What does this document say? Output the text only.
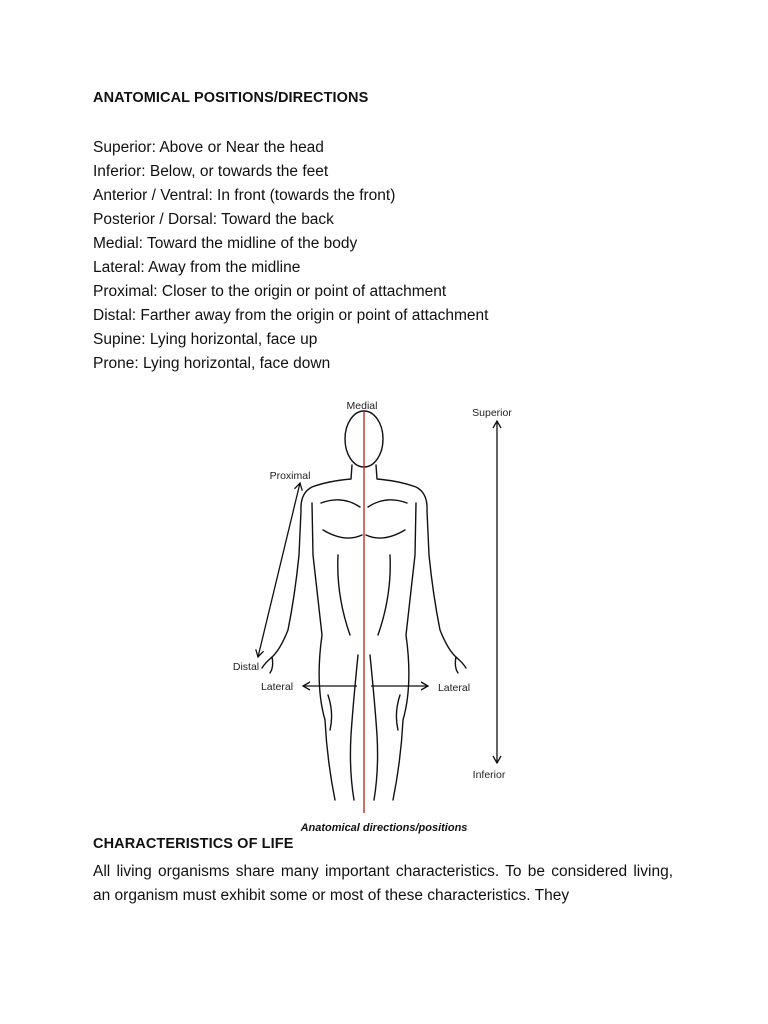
ANATOMICAL POSITIONS/DIRECTIONS
Superior: Above or Near the head
Inferior: Below, or towards the feet
Anterior / Ventral: In front (towards the front)
Posterior / Dorsal: Toward the back
Medial: Toward the midline of the body
Lateral: Away from the midline
Proximal: Closer to the origin or point of attachment
Distal: Farther away from the origin or point of attachment
Supine: Lying horizontal, face up
Prone: Lying horizontal, face down
Medial
Superior
Proximal
Distal
Lateral	Lateral
Inferior
Anatomical directions/positions
CHARACTERISTICS OF LIFE

All living organisms share many important characteristics. To be considered living, an organism must exhibit some or most of these characteristics. They
